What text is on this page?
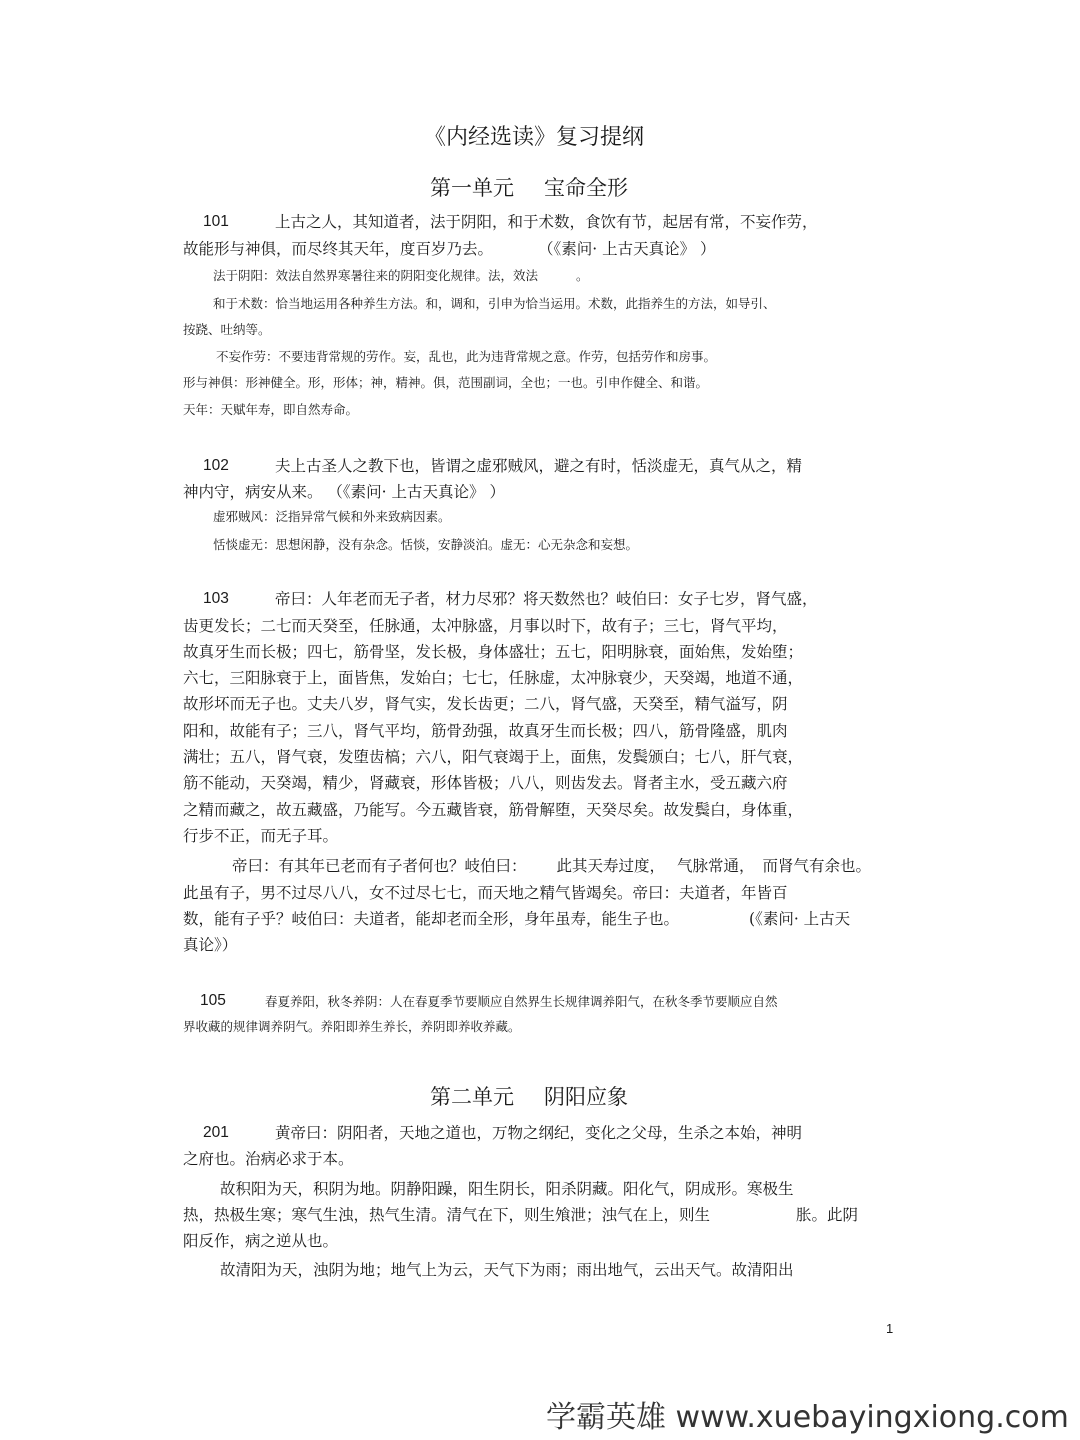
《内经选读》复习提纲
第一单元 宝命全形
101	上古之人，其知道者，法于阴阳，和于术数，食饮有节，起居有常，不妄作劳，
故能形与神俱，而尽终其天年，度百岁乃去。	（《素问· 上古天真论》 ）
法于阴阳：效法自然界寒暑往来的阴阳变化规律。法，效法	。
和于术数：恰当地运用各种养生方法。和，调和，引申为恰当运用。术数，此指养生的方法，如导引、
按跷、吐纳等。
不妄作劳：不要违背常规的劳作。妄，乱也，此为违背常规之意。作劳，包括劳作和房事。
形与神俱：形神健全。形，形体；神，精神。俱，范围副词，全也；一也。引申作健全、和谐。
天年：天赋年寿，即自然寿命。
102	夫上古圣人之教下也，皆谓之虚邪贼风，避之有时，恬淡虚无，真气从之，精
神内守，病安从来。 （《素问· 上古天真论》 ）
虚邪贼风：泛指异常气候和外来致病因素。
恬惔虚无：思想闲静，没有杂念。恬惔，安静淡泊。虚无：心无杂念和妄想。
103	帝曰：人年老而无子者，材力尽邪？将天数然也？岐伯曰：女子七岁，肾气盛，
齿更发长；二七而天癸至，任脉通，太冲脉盛，月事以时下，故有子；三七，肾气平均，
故真牙生而长极；四七，筋骨坚，发长极，身体盛壮；五七，阳明脉衰，面始焦，发始堕；
六七，三阳脉衰于上，面皆焦，发始白；七七，任脉虚，太冲脉衰少，天癸竭，地道不通，
故形坏而无子也。丈夫八岁，肾气实，发长齿更；二八，肾气盛，天癸至，精气溢写，阴
阳和，故能有子；三八，肾气平均，筋骨劲强，故真牙生而长极；四八，筋骨隆盛，肌肉
满壮；五八，肾气衰，发堕齿槁；六八，阳气衰竭于上，面焦，发鬓颁白；七八，肝气衰，
筋不能动，天癸竭，精少，肾藏衰，形体皆极；八八，则齿发去。肾者主水，受五藏六府
之精而藏之，故五藏盛，乃能写。今五藏皆衰，筋骨解堕，天癸尽矣。故发鬓白，身体重，
行步不正，而无子耳。
帝曰：有其年已老而有子者何也？岐伯曰： 此其天寿过度， 气脉常通， 而肾气有余也。
此虽有子，男不过尽八八，女不过尽七七，而天地之精气皆竭矣。帝曰：夫道者，年皆百
数，能有子乎？岐伯曰：夫道者，能却老而全形，身年虽寿，能生子也。	(《素问· 上古天
真论》）
105	春夏养阳，秋冬养阴：人在春夏季节要顺应自然界生长规律调养阳气，在秋冬季节要顺应自然
界收藏的规律调养阴气。养阳即养生养长，养阴即养收养藏。
第二单元 阴阳应象
201	黄帝曰：阴阳者，天地之道也，万物之纲纪，变化之父母，生杀之本始，神明
之府也。治病必求于本。
故积阳为天，积阴为地。阴静阳躁，阳生阴长，阳杀阴藏。阳化气，阴成形。寒极生
热，热极生寒；寒气生浊，热气生清。清气在下，则生飧泄；浊气在上，则生	胀。此阴
阳反作，病之逆从也。
故清阳为天，浊阴为地；地气上为云，天气下为雨；雨出地气，云出天气。故清阳出
1
学霸英雄 www.xuebayingxiong.com
